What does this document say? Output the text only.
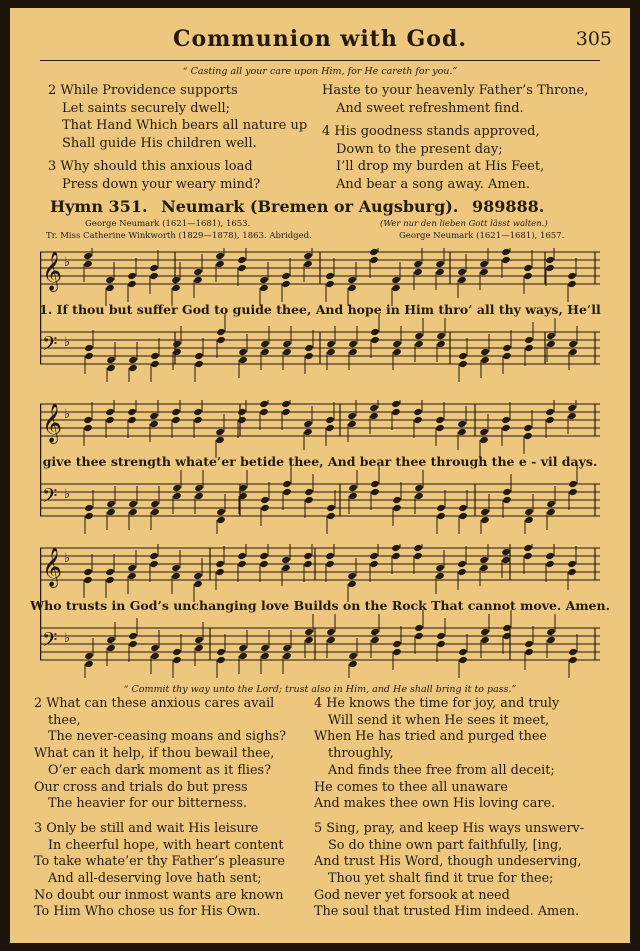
Communion with God.	305
“ Casting all your care upon Him, for He careth for you.”
2 While Providence supports
Let saints securely dwell;
That Hand Which bears all nature up
Shall guide His children well.
3 Why should this anxious load
Press down your weary mind?
Haste to your heavenly Father’s Throne,
And sweet refreshment find.
4 His goodness stands approved,
Down to the present day;
I’ll drop my burden at His Feet,
And bear a song away. Amen.
Hymn 351. Neumark (Bremen or Augsburg). 989888.
George Neumark (1621—1681), 1653.
Tr. Miss Catherine Winkworth (1829—1878), 1863. Abridged.
(Wer nur den lieben Gott lässt walten.)
George Neumark (1621—1681), 1657.
𝄞 ♭
𝄢 ♭
1. If thou but suffer God to guide thee, And hope in Him thro’ all thy ways, He’ll
𝄞 ♭
𝄢 ♭
give thee strength whate’er betide thee, And bear thee through the e - vil days.
𝄞 ♭
𝄢 ♭
Who trusts in God’s unchanging love Builds on the Rock That cannot move. Amen.
“ Commit thy way unto the Lord; trust also in Him, and He shall bring it to pass.”
2 What can these anxious cares avail
thee,
The never-ceasing moans and sighs?
What can it help, if thou bewail thee,
O’er each dark moment as it flies?
Our cross and trials do but press
The heavier for our bitterness.
3 Only be still and wait His leisure
In cheerful hope, with heart content
To take whate’er thy Father’s pleasure
And all-deserving love hath sent;
No doubt our inmost wants are known
To Him Who chose us for His Own.
4 He knows the time for joy, and truly
Will send it when He sees it meet,
When He has tried and purged thee
throughly,
And finds thee free from all deceit;
He comes to thee all unaware
And makes thee own His loving care.
5 Sing, pray, and keep His ways unswerv-
So do thine own part faithfully, [ing,
And trust His Word, though undeserving,
Thou yet shalt find it true for thee;
God never yet forsook at need
The soul that trusted Him indeed. Amen.
